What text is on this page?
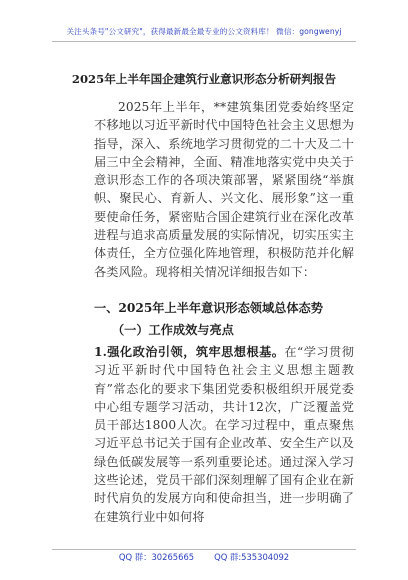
关注头条号"公文研究"，获得最新最全最专业的公文资料库！ 微信：gongwenyj
2025年上半年国企建筑行业意识形态分析研判报告

2025年上半年，**建筑集团党委始终坚定不移地以习近平新时代中国特色社会主义思想为指导，深入、系统地学习贯彻党的二十大及二十届三中全会精神，全面、精准地落实党中央关于意识形态工作的各项决策部署，紧紧围绕“举旗帜、聚民心、育新人、兴文化、展形象”这一重要使命任务，紧密贴合国企建筑行业在深化改革进程与追求高质量发展的实际情况，切实压实主体责任，全方位强化阵地管理，积极防范并化解各类风险。现将相关情况详细报告如下：

一、2025年上半年意识形态领域总体态势
（一）工作成效与亮点

1.强化政治引领，筑牢思想根基。在“学习贯彻习近平新时代中国特色社会主义思想主题教育”常态化的要求下集团党委积极组织开展党委中心组专题学习活动，共计12次，广泛覆盖党员干部达1800人次。在学习过程中，重点聚焦习近平总书记关于国有企业改革、安全生产以及绿色低碳发展等一系列重要论述。通过深入学习这些论述，党员干部们深刻理解了国有企业在新时代肩负的发展方向和使命担当，进一步明确了在建筑行业中如何将

QQ 群：30265665 QQ 群:535304092
